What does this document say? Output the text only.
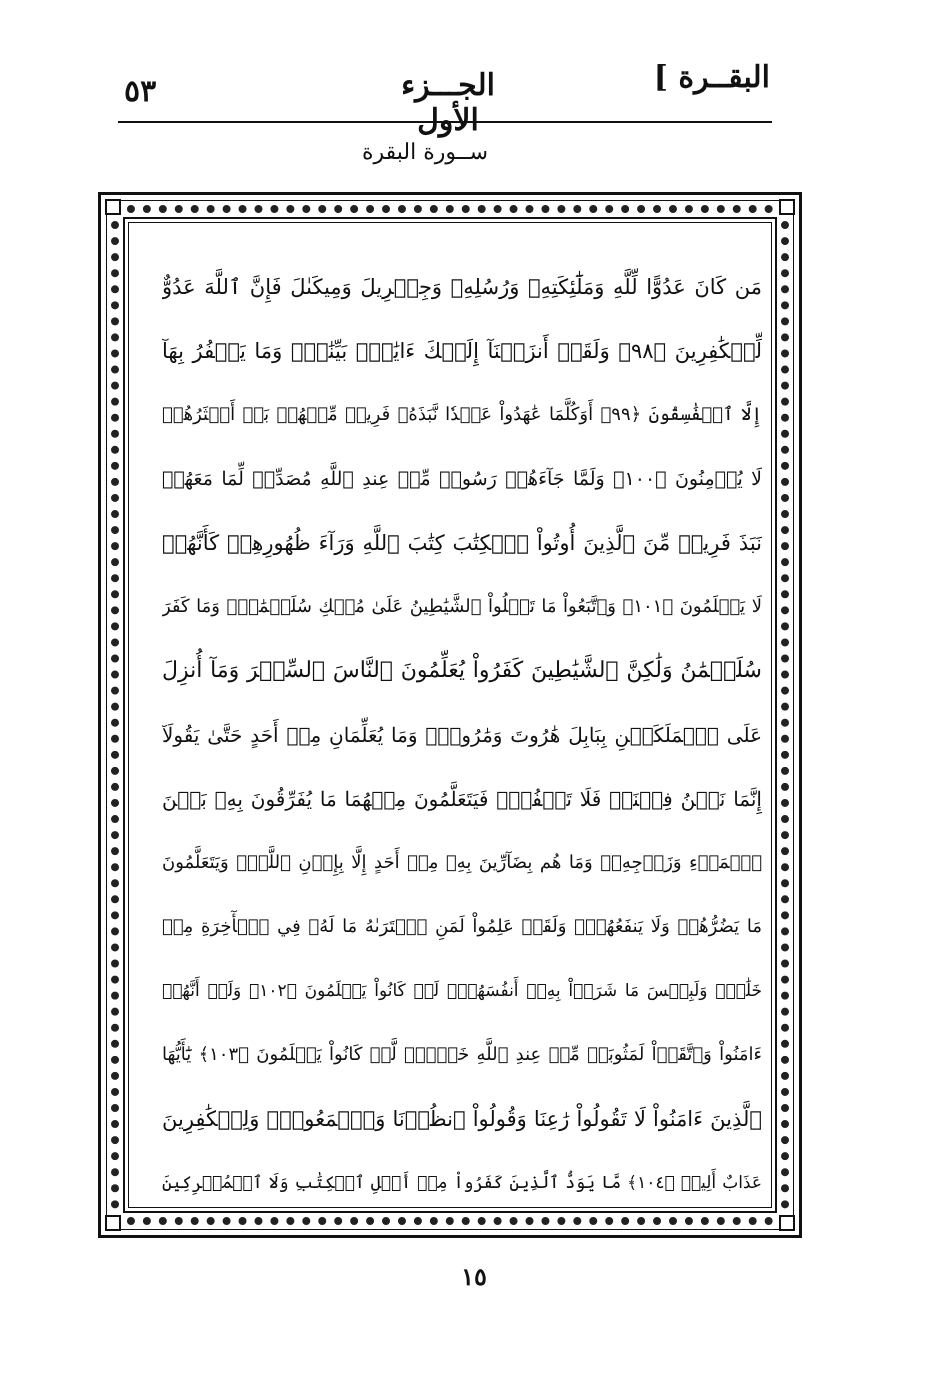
٥٣	الجـــزء الأول
البقــرة ]
ســورة البقرة
مَن كَانَ عَدُوًّا لِّلَّهِ وَمَلَٰٓئِكَتِهِۦ وَرُسُلِهِۦ وَجِبۡرِيلَ وَمِيكَىٰلَ فَإِنَّ ٱللَّهَ عَدُوٌّ
لِّلۡكَٰفِرِينَ ﴿٩٨﴾ وَلَقَدۡ أَنزَلۡنَآ إِلَيۡكَ ءَايَٰتِۭ بَيِّنَٰتٖۖ وَمَا يَكۡفُرُ بِهَآ
إِلَّا ٱلۡفَٰسِقُونَ ﴿٩٩﴾ أَوَكُلَّمَا عَٰهَدُواْ عَهۡدٗا نَّبَذَهُۥ فَرِيقٞ مِّنۡهُمۚ بَلۡ أَكۡثَرُهُمۡ
لَا يُؤۡمِنُونَ ﴿١٠٠﴾ وَلَمَّا جَآءَهُمۡ رَسُولٞ مِّنۡ عِندِ ٱللَّهِ مُصَدِّقٞ لِّمَا مَعَهُمۡ
نَبَذَ فَرِيقٞ مِّنَ ٱلَّذِينَ أُوتُواْ ٱلۡكِتَٰبَ كِتَٰبَ ٱللَّهِ وَرَآءَ ظُهُورِهِمۡ كَأَنَّهُمۡ
لَا يَعۡلَمُونَ ﴿١٠١﴾ وَٱتَّبَعُواْ مَا تَتۡلُواْ ٱلشَّيَٰطِينُ عَلَىٰ مُلۡكِ سُلَيۡمَٰنَۖ وَمَا كَفَرَ
سُلَيۡمَٰنُ وَلَٰكِنَّ ٱلشَّيَٰطِينَ كَفَرُواْ يُعَلِّمُونَ ٱلنَّاسَ ٱلسِّحۡرَ وَمَآ أُنزِلَ
عَلَى ٱلۡمَلَكَيۡنِ بِبَابِلَ هَٰرُوتَ وَمَٰرُوتَۚ وَمَا يُعَلِّمَانِ مِنۡ أَحَدٍ حَتَّىٰ يَقُولَآ
إِنَّمَا نَحۡنُ فِتۡنَةٞ فَلَا تَكۡفُرۡۖ فَيَتَعَلَّمُونَ مِنۡهُمَا مَا يُفَرِّقُونَ بِهِۦ بَيۡنَ
ٱلۡمَرۡءِ وَزَوۡجِهِۦۚ وَمَا هُم بِضَآرِّينَ بِهِۦ مِنۡ أَحَدٍ إِلَّا بِإِذۡنِ ٱللَّهِۚ وَيَتَعَلَّمُونَ
مَا يَضُرُّهُمۡ وَلَا يَنفَعُهُمۡۚ وَلَقَدۡ عَلِمُواْ لَمَنِ ٱشۡتَرَىٰهُ مَا لَهُۥ فِي ٱلۡأٓخِرَةِ مِنۡ
خَلَٰقٖۚ وَلَبِئۡسَ مَا شَرَوۡاْ بِهِۦٓ أَنفُسَهُمۡۚ لَوۡ كَانُواْ يَعۡلَمُونَ ﴿١٠٢﴾ وَلَوۡ أَنَّهُمۡ
ءَامَنُواْ وَٱتَّقَوۡاْ لَمَثُوبَةٞ مِّنۡ عِندِ ٱللَّهِ خَيۡرٞۖ لَّوۡ كَانُواْ يَعۡلَمُونَ ﴿١٠٣﴾ يَٰٓأَيُّهَا
ٱلَّذِينَ ءَامَنُواْ لَا تَقُولُواْ رَٰعِنَا وَقُولُواْ ٱنظُرۡنَا وَٱسۡمَعُواْۗ وَلِلۡكَٰفِرِينَ
عَذَابٌ أَلِيمٞ ﴿١٠٤﴾ مَّا يَوَدُّ ٱلَّذِينَ كَفَرُواْ مِنۡ أَهۡلِ ٱلۡكِتَٰبِ وَلَا ٱلۡمُشۡرِكِينَ
١٥
